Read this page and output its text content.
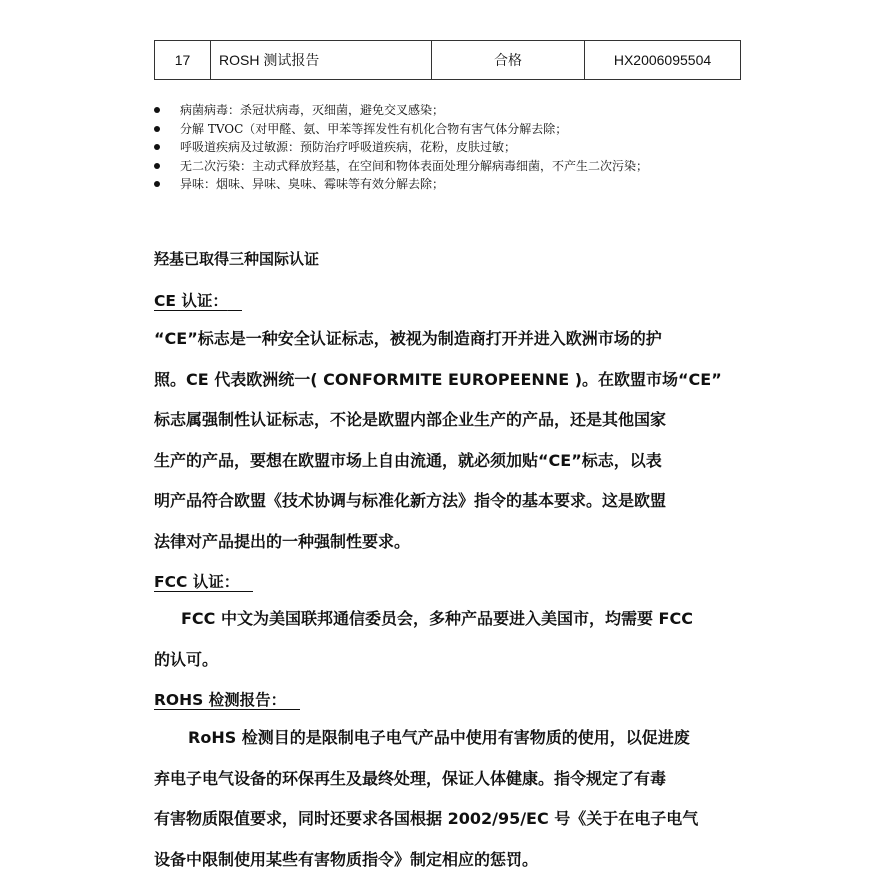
17	ROSH 测试报告	合格	HX2006095504
病菌病毒：杀冠状病毒，灭细菌，避免交叉感染；
分解 TVOC（对甲醛、氨、甲苯等挥发性有机化合物有害气体分解去除；
呼吸道疾病及过敏源：预防治疗呼吸道疾病，花粉，皮肤过敏；
无二次污染：主动式释放羟基，在空间和物体表面处理分解病毒细菌，不产生二次污染；
异味：烟味、异味、臭味、霉味等有效分解去除；
羟基已取得三种国际认证
CE 认证：
“CE”标志是一种安全认证标志，被视为制造商打开并进入欧洲市场的护
照。CE 代表欧洲统一( CONFORMITE EUROPEENNE )。在欧盟市场“CE”
标志属强制性认证标志，不论是欧盟内部企业生产的产品，还是其他国家
生产的产品，要想在欧盟市场上自由流通，就必须加贴“CE”标志，以表
明产品符合欧盟《技术协调与标准化新方法》指令的基本要求。这是欧盟
法律对产品提出的一种强制性要求。
FCC 认证：
FCC 中文为美国联邦通信委员会，多种产品要进入美国市，均需要 FCC
的认可。
ROHS 检测报告：
RoHS 检测目的是限制电子电气产品中使用有害物质的使用，以促进废
弃电子电气设备的环保再生及最终处理，保证人体健康。指令规定了有毒
有害物质限值要求，同时还要求各国根据 2002/95/EC 号《关于在电子电气
设备中限制使用某些有害物质指令》制定相应的惩罚。
